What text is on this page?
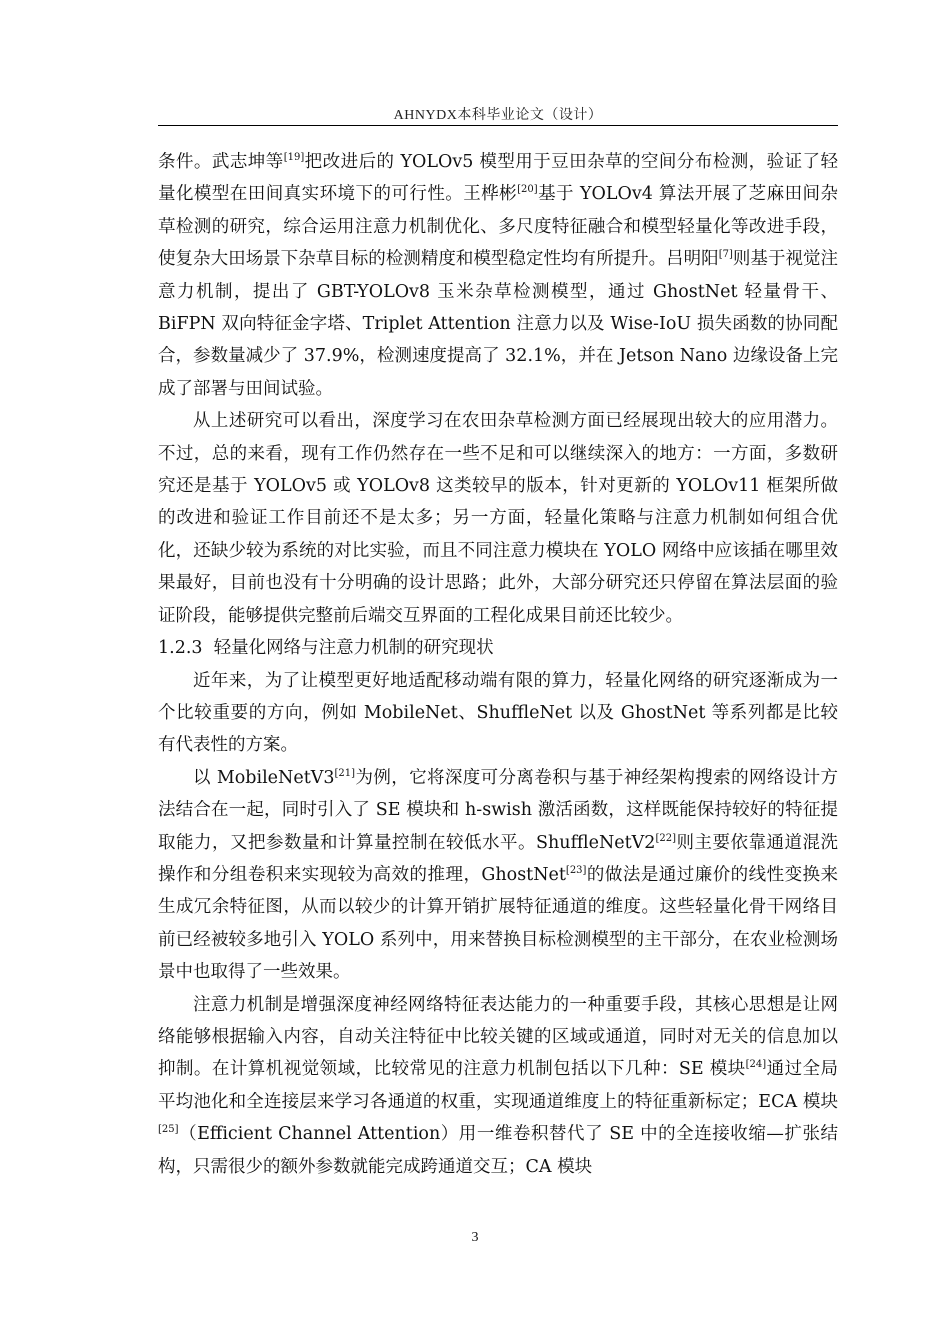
AHNYDX本科毕业论文（设计）

条件。武志坤等[19]把改进后的 YOLOv5 模型用于豆田杂草的空间分布检测，验证了轻量化模型在田间真实环境下的可行性。王桦彬[20]基于 YOLOv4 算法开展了芝麻田间杂草检测的研究，综合运用注意力机制优化、多尺度特征融合和模型轻量化等改进手段，使复杂大田场景下杂草目标的检测精度和模型稳定性均有所提升。吕明阳[7]则基于视觉注意力机制，提出了 GBT-YOLOv8 玉米杂草检测模型，通过 GhostNet 轻量骨干、BiFPN 双向特征金字塔、Triplet Attention 注意力以及 Wise-IoU 损失函数的协同配合，参数量减少了 37.9%，检测速度提高了 32.1%，并在 Jetson Nano 边缘设备上完成了部署与田间试验。

从上述研究可以看出，深度学习在农田杂草检测方面已经展现出较大的应用潜力。不过，总的来看，现有工作仍然存在一些不足和可以继续深入的地方：一方面，多数研究还是基于 YOLOv5 或 YOLOv8 这类较早的版本，针对更新的 YOLOv11 框架所做的改进和验证工作目前还不是太多；另一方面，轻量化策略与注意力机制如何组合优化，还缺少较为系统的对比实验，而且不同注意力模块在 YOLO 网络中应该插在哪里效果最好，目前也没有十分明确的设计思路；此外，大部分研究还只停留在算法层面的验证阶段，能够提供完整前后端交互界面的工程化成果目前还比较少。

1.2.3 轻量化网络与注意力机制的研究现状

近年来，为了让模型更好地适配移动端有限的算力，轻量化网络的研究逐渐成为一个比较重要的方向，例如 MobileNet、ShuffleNet 以及 GhostNet 等系列都是比较有代表性的方案。

以 MobileNetV3[21]为例，它将深度可分离卷积与基于神经架构搜索的网络设计方法结合在一起，同时引入了 SE 模块和 h-swish 激活函数，这样既能保持较好的特征提取能力，又把参数量和计算量控制在较低水平。ShuffleNetV2[22]则主要依靠通道混洗操作和分组卷积来实现较为高效的推理，GhostNet[23]的做法是通过廉价的线性变换来生成冗余特征图，从而以较少的计算开销扩展特征通道的维度。这些轻量化骨干网络目前已经被较多地引入 YOLO 系列中，用来替换目标检测模型的主干部分，在农业检测场景中也取得了一些效果。

注意力机制是增强深度神经网络特征表达能力的一种重要手段，其核心思想是让网络能够根据输入内容，自动关注特征中比较关键的区域或通道，同时对无关的信息加以抑制。在计算机视觉领域，比较常见的注意力机制包括以下几种：SE 模块[24]通过全局平均池化和全连接层来学习各通道的权重，实现通道维度上的特征重新标定；ECA 模块[25]（Efficient Channel Attention）用一维卷积替代了 SE 中的全连接收缩—扩张结构，只需很少的额外参数就能完成跨通道交互；CA 模块

3
